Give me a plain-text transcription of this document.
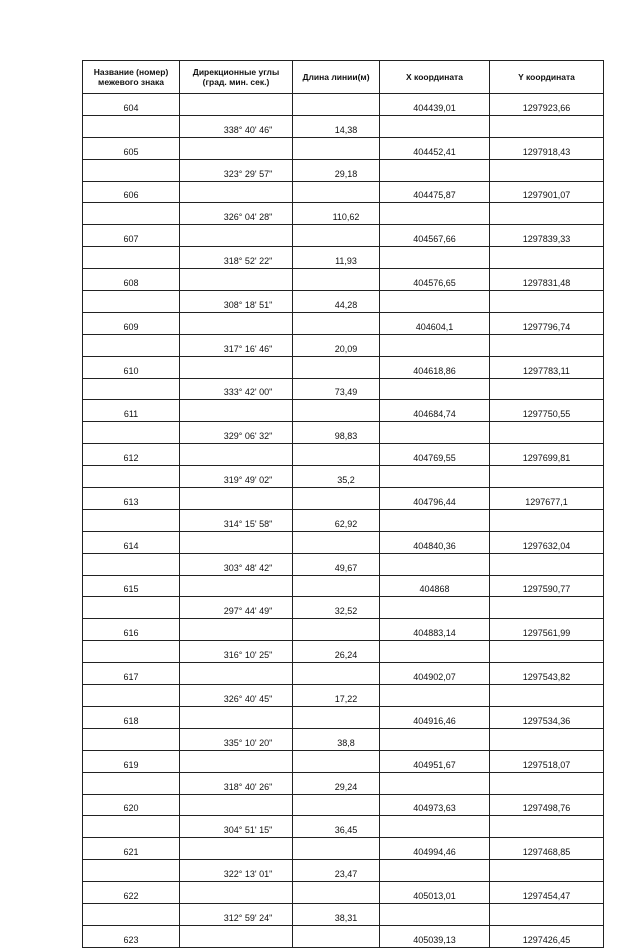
Название (номер) межевого знака	Дирекционные углы (град. мин. сек.)	Длина линии(м)	X координата	Y координата
604			404439,01	1297923,66
	338° 40' 46"	14,38		
605			404452,41	1297918,43
	323° 29' 57"	29,18		
606			404475,87	1297901,07
	326° 04' 28"	110,62		
607			404567,66	1297839,33
	318° 52' 22"	11,93		
608			404576,65	1297831,48
	308° 18' 51"	44,28		
609			404604,1	1297796,74
	317° 16' 46"	20,09		
610			404618,86	1297783,11
	333° 42' 00"	73,49		
611			404684,74	1297750,55
	329° 06' 32"	98,83		
612			404769,55	1297699,81
	319° 49' 02"	35,2		
613			404796,44	1297677,1
	314° 15' 58"	62,92		
614			404840,36	1297632,04
	303° 48' 42"	49,67		
615			404868	1297590,77
	297° 44' 49"	32,52		
616			404883,14	1297561,99
	316° 10' 25"	26,24		
617			404902,07	1297543,82
	326° 40' 45"	17,22		
618			404916,46	1297534,36
	335° 10' 20"	38,8		
619			404951,67	1297518,07
	318° 40' 26"	29,24		
620			404973,63	1297498,76
	304° 51' 15"	36,45		
621			404994,46	1297468,85
	322° 13' 01"	23,47		
622			405013,01	1297454,47
	312° 59' 24"	38,31		
623			405039,13	1297426,45
